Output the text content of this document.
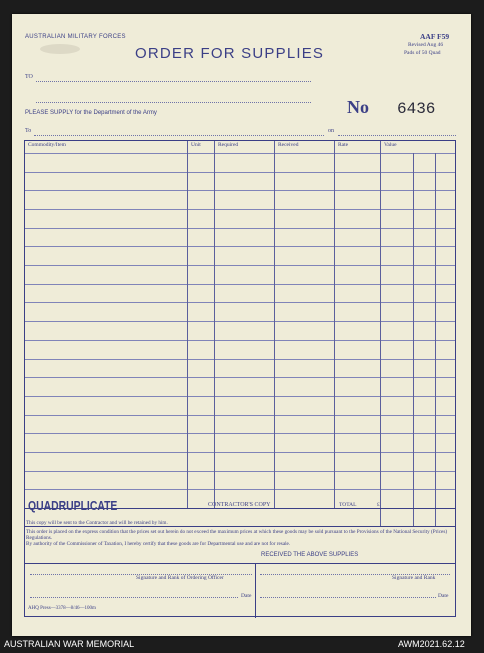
AUSTRALIAN MILITARY FORCES
ORDER FOR SUPPLIES
AAF F59
Revised Aug 46
Pads of 50 Quad
TO
No 6436
PLEASE SUPPLY for the Department of the Army
To	on
Commodity/Item	Unit	Required	Received	Rate	Value
QUADRUPLICATE	CONTRACTOR'S COPY	TOTAL	£
This copy will be sent to the Contractor and will be retained by him.
This order is placed on the express condition that the prices set out herein do not exceed the maximum prices at which these goods may be sold pursuant to the Provisions of the National Security (Prices) Regulations.
By authority of the Commissioner of Taxation, I hereby certify that these goods are for Departmental use and are not for resale.
RECEIVED THE ABOVE SUPPLIES
Signature and Rank of Ordering Officer
Date
Signature and Rank
Date
AHQ Press—3378—8/46—100m
AUSTRALIAN WAR MEMORIAL	AWM2021.62.12
